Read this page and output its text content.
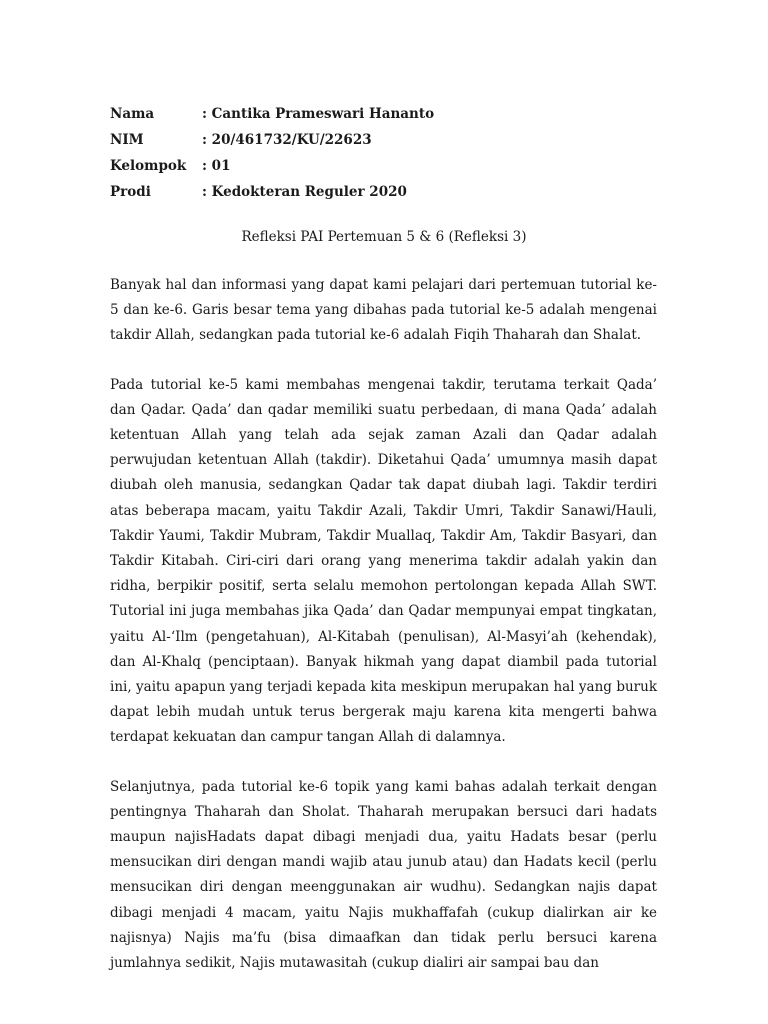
Nama	: Cantika Prameswari Hananto
NIM	: 20/461732/KU/22623
Kelompok	: 01
Prodi	: Kedokteran Reguler 2020
Refleksi PAI Pertemuan 5 & 6 (Refleksi 3)

Banyak hal dan informasi yang dapat kami pelajari dari pertemuan tutorial ke-5 dan ke-6. Garis besar tema yang dibahas pada tutorial ke-5 adalah mengenai takdir Allah, sedangkan pada tutorial ke-6 adalah Fiqih Thaharah dan Shalat.

Pada tutorial ke-5 kami membahas mengenai takdir, terutama terkait Qada’ dan Qadar. Qada’ dan qadar memiliki suatu perbedaan, di mana Qada’ adalah ketentuan Allah yang telah ada sejak zaman Azali dan Qadar adalah perwujudan ketentuan Allah (takdir). Diketahui Qada’ umumnya masih dapat diubah oleh manusia, sedangkan Qadar tak dapat diubah lagi. Takdir terdiri atas beberapa macam, yaitu Takdir Azali, Takdir Umri, Takdir Sanawi/Hauli, Takdir Yaumi, Takdir Mubram, Takdir Muallaq, Takdir Am, Takdir Basyari, dan Takdir Kitabah. Ciri-ciri dari orang yang menerima takdir adalah yakin dan ridha, berpikir positif, serta selalu memohon pertolongan kepada Allah SWT. Tutorial ini juga membahas jika Qada’ dan Qadar mempunyai empat tingkatan, yaitu Al-‘Ilm (pengetahuan), Al-Kitabah (penulisan), Al-Masyi’ah (kehendak), dan Al-Khalq (penciptaan). Banyak hikmah yang dapat diambil pada tutorial ini, yaitu apapun yang terjadi kepada kita meskipun merupakan hal yang buruk dapat lebih mudah untuk terus bergerak maju karena kita mengerti bahwa terdapat kekuatan dan campur tangan Allah di dalamnya.

Selanjutnya, pada tutorial ke-6 topik yang kami bahas adalah terkait dengan pentingnya Thaharah dan Sholat. Thaharah merupakan bersuci dari hadats maupun najisHadats dapat dibagi menjadi dua, yaitu Hadats besar (perlu mensucikan diri dengan mandi wajib atau junub atau) dan Hadats kecil (perlu mensucikan diri dengan meenggunakan air wudhu). Sedangkan najis dapat dibagi menjadi 4 macam, yaitu Najis mukhaffafah (cukup dialirkan air ke najisnya) Najis ma’fu (bisa dimaafkan dan tidak perlu bersuci karena jumlahnya sedikit, Najis mutawasitah (cukup dialiri air sampai bau dan
